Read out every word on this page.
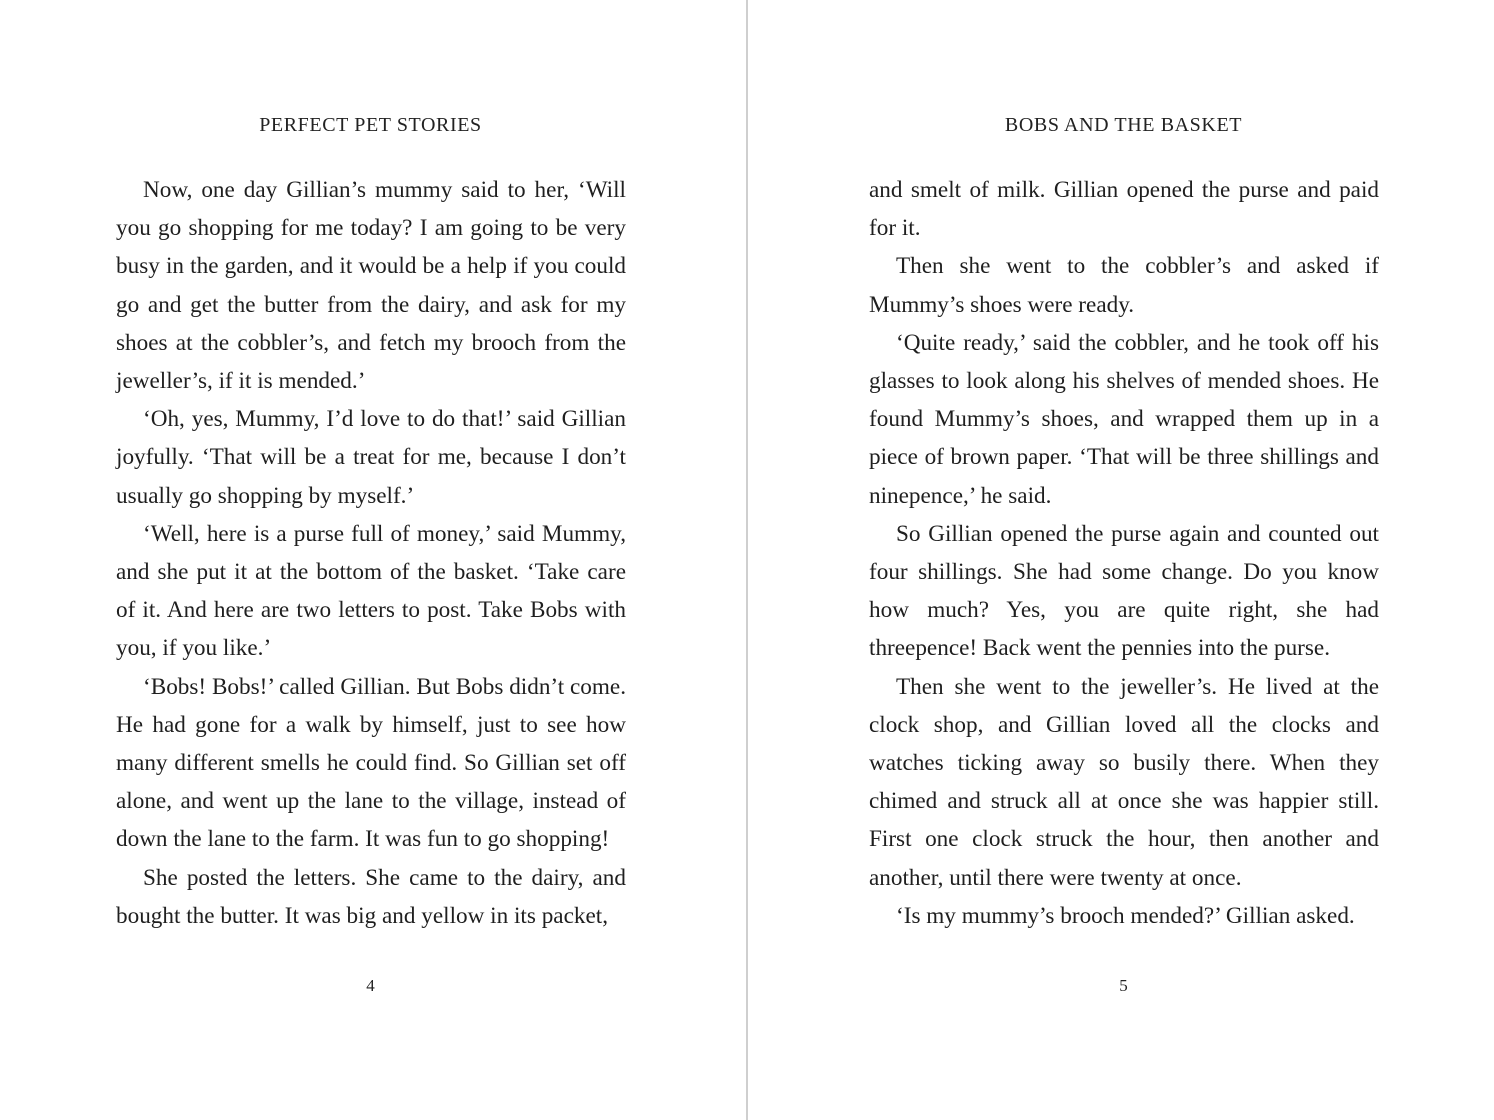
PERFECT PET STORIES

Now, one day Gillian’s mummy said to her, ‘Will you go shopping for me today? I am going to be very busy in the garden, and it would be a help if you could go and get the butter from the dairy, and ask for my shoes at the cobbler’s, and fetch my brooch from the jeweller’s, if it is mended.’

‘Oh, yes, Mummy, I’d love to do that!’ said Gillian joyfully. ‘That will be a treat for me, because I don’t usually go shopping by myself.’

‘Well, here is a purse full of money,’ said Mummy, and she put it at the bottom of the basket. ‘Take care of it. And here are two letters to post. Take Bobs with you, if you like.’

‘Bobs! Bobs!’ called Gillian. But Bobs didn’t come. He had gone for a walk by himself, just to see how many different smells he could find. So Gillian set off alone, and went up the lane to the village, instead of down the lane to the farm. It was fun to go shopping!

She posted the letters. She came to the dairy, and bought the butter. It was big and yellow in its packet,

4
BOBS AND THE BASKET

and smelt of milk. Gillian opened the purse and paid for it.

Then she went to the cobbler’s and asked if Mummy’s shoes were ready.

‘Quite ready,’ said the cobbler, and he took off his glasses to look along his shelves of mended shoes. He found Mummy’s shoes, and wrapped them up in a piece of brown paper. ‘That will be three shillings and ninepence,’ he said.

So Gillian opened the purse again and counted out four shillings. She had some change. Do you know how much? Yes, you are quite right, she had threepence! Back went the pennies into the purse.

Then she went to the jeweller’s. He lived at the clock shop, and Gillian loved all the clocks and watches ticking away so busily there. When they chimed and struck all at once she was happier still. First one clock struck the hour, then another and another, until there were twenty at once.

‘Is my mummy’s brooch mended?’ Gillian asked.

5
